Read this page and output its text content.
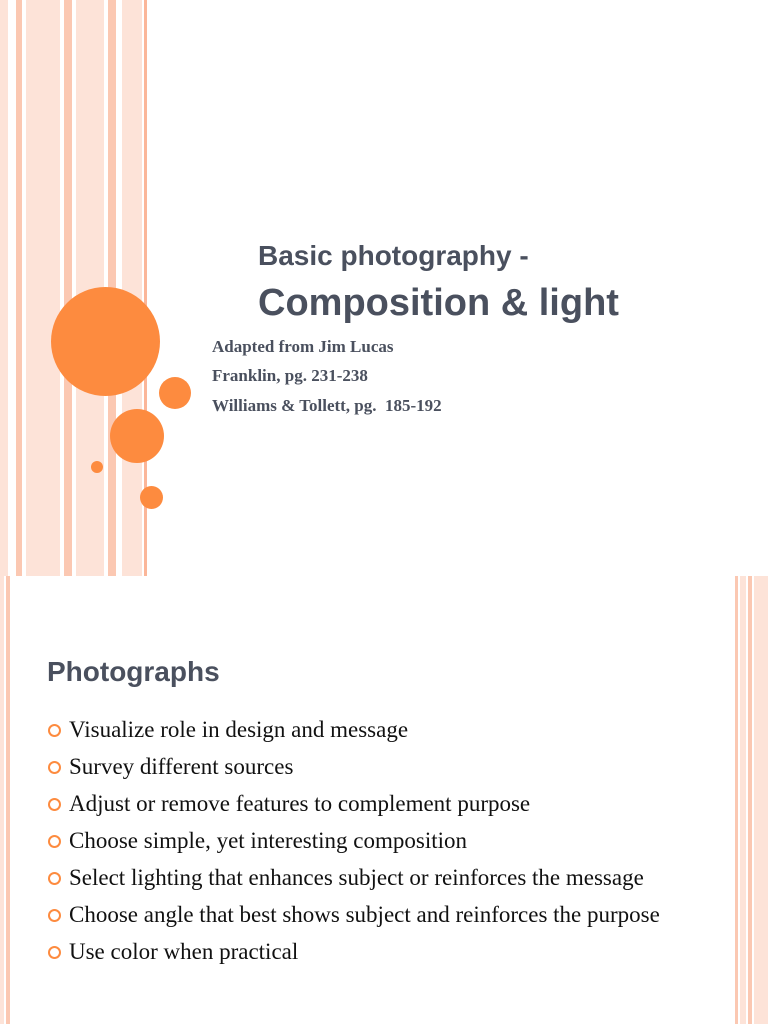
Basic photography -

Composition & light

Adapted from Jim Lucas

Franklin, pg. 231-238

Williams & Tollett, pg.  185-192

Photographs
Visualize role in design and message
Survey different sources
Adjust or remove features to complement purpose
Choose simple, yet interesting composition
Select lighting that enhances subject or reinforces the message
Choose angle that best shows subject and reinforces the purpose
Use color when practical
